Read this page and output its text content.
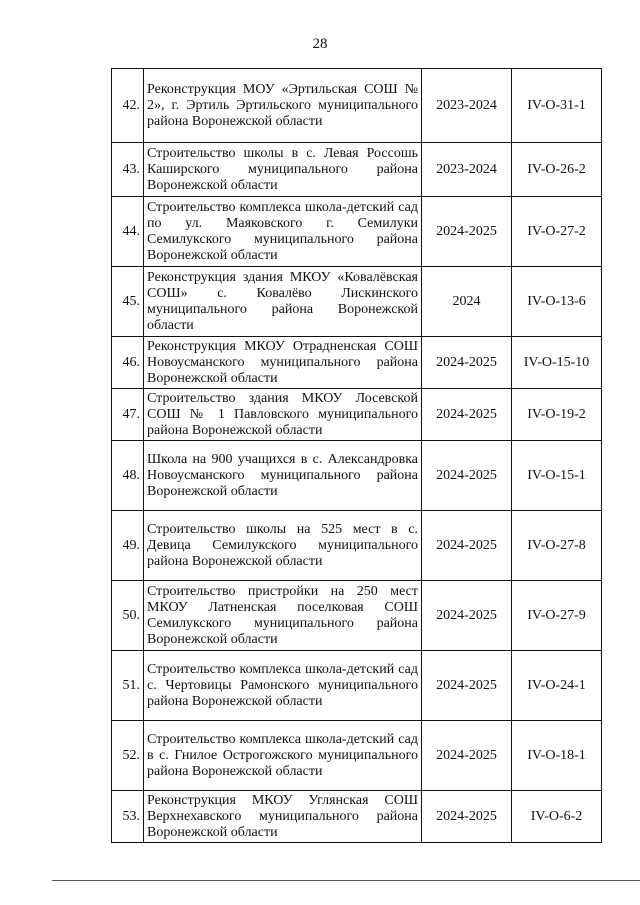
28
42.	Реконструкция МОУ «Эртильская СОШ № 2», г. Эртиль Эртильского муниципального района Воронежской области	2023-2024	IV-O-31-1
43.	Строительство школы в с. Левая Россошь Каширского муниципального района Воронежской области	2023-2024	IV-O-26-2
44.	Строительство комплекса школа-детский сад по ул. Маяковского г. Семилуки Семилукского муниципального района Воронежской области	2024-2025	IV-O-27-2
45.	Реконструкция здания МКОУ «Ковалёвская СОШ» с. Ковалёво Лискинского муниципального района Воронежской области	2024	IV-O-13-6
46.	Реконструкция МКОУ Отрадненская СОШ Новоусманского муниципального района Воронежской области	2024-2025	IV-O-15-10
47.	Строительство здания МКОУ Лосевской СОШ № 1 Павловского муниципального района Воронежской области	2024-2025	IV-O-19-2
48.	Школа на 900 учащихся в с. Александровка Новоусманского муниципального района Воронежской области	2024-2025	IV-O-15-1
49.	Строительство школы на 525 мест в с. Девица Семилукского муниципального района Воронежской области	2024-2025	IV-O-27-8
50.	Строительство пристройки на 250 мест МКОУ Латненская поселковая СОШ Семилукского муниципального района Воронежской области	2024-2025	IV-O-27-9
51.	Строительство комплекса школа-детский сад с. Чертовицы Рамонского муниципального района Воронежской области	2024-2025	IV-O-24-1
52.	Строительство комплекса школа-детский сад в с. Гнилое Острогожского муниципального района Воронежской области	2024-2025	IV-O-18-1
53.	Реконструкция МКОУ Углянская СОШ Верхнехавского муниципального района Воронежской области	2024-2025	IV-O-6-2
